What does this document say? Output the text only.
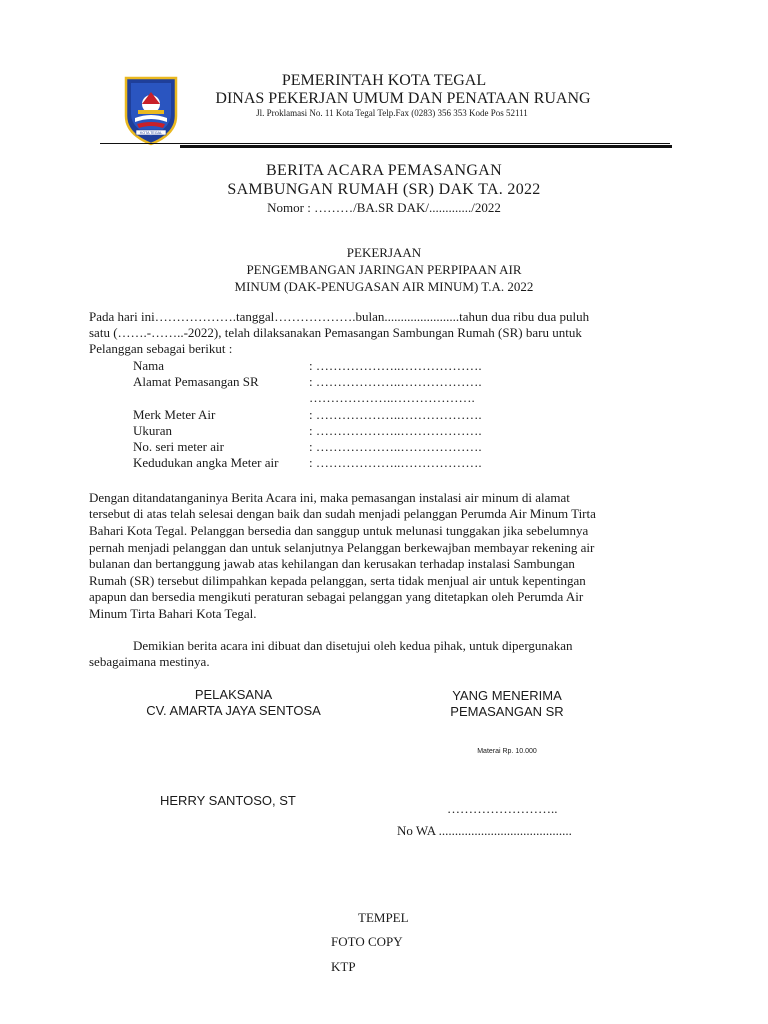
KOTA TEGAL
PEMERINTAH KOTA TEGAL
DINAS PEKERJAN UMUM DAN PENATAAN RUANG
Jl. Proklamasi No. 11 Kota Tegal Telp.Fax (0283) 356 353 Kode Pos 52111
BERITA ACARA PEMASANGAN
SAMBUNGAN RUMAH (SR) DAK TA. 2022
Nomor : ………/BA.SR DAK/............./2022
PEKERJAAN
PENGEMBANGAN JARINGAN PERPIPAAN AIR
MINUM (DAK-PENUGASAN AIR MINUM) T.A. 2022
Pada hari ini……………….tanggal……………….bulan.......................tahun dua ribu dua puluh
satu (…….-……..-2022), telah dilaksanakan Pemasangan Sambungan Rumah (SR) baru untuk
Pelanggan sebagai berikut :
Nama	: ………………..……………….
Alamat Pemasangan SR	: ………………..……………….
………………..……………….
Merk Meter Air	: ………………..……………….
Ukuran	: ………………..……………….
No. seri meter air	: ………………..……………….
Kedudukan angka Meter air : ………………..……………….
Dengan ditandatanganinya Berita Acara ini, maka pemasangan instalasi air minum di alamat
tersebut di atas telah selesai dengan baik dan sudah menjadi pelanggan Perumda Air Minum Tirta
Bahari Kota Tegal. Pelanggan bersedia dan sanggup untuk melunasi tunggakan jika sebelumnya
pernah menjadi pelanggan dan untuk selanjutnya Pelanggan berkewajban membayar rekening air
bulanan dan bertanggung jawab atas kehilangan dan kerusakan terhadap instalasi Sambungan
Rumah (SR) tersebut dilimpahkan kepada pelanggan, serta tidak menjual air untuk kepentingan
apapun dan bersedia mengikuti peraturan sebagai pelanggan yang ditetapkan oleh Perumda Air
Minum Tirta Bahari Kota Tegal.
Demikian berita acara ini dibuat dan disetujui oleh kedua pihak, untuk dipergunakan
sebagaimana mestinya.
PELAKSANA
CV. AMARTA JAYA SENTOSA
HERRY SANTOSO, ST
YANG MENERIMA
PEMASANGAN SR
Materai Rp. 10.000
……………………..
No WA .........................................
TEMPEL
FOTO COPY
KTP
